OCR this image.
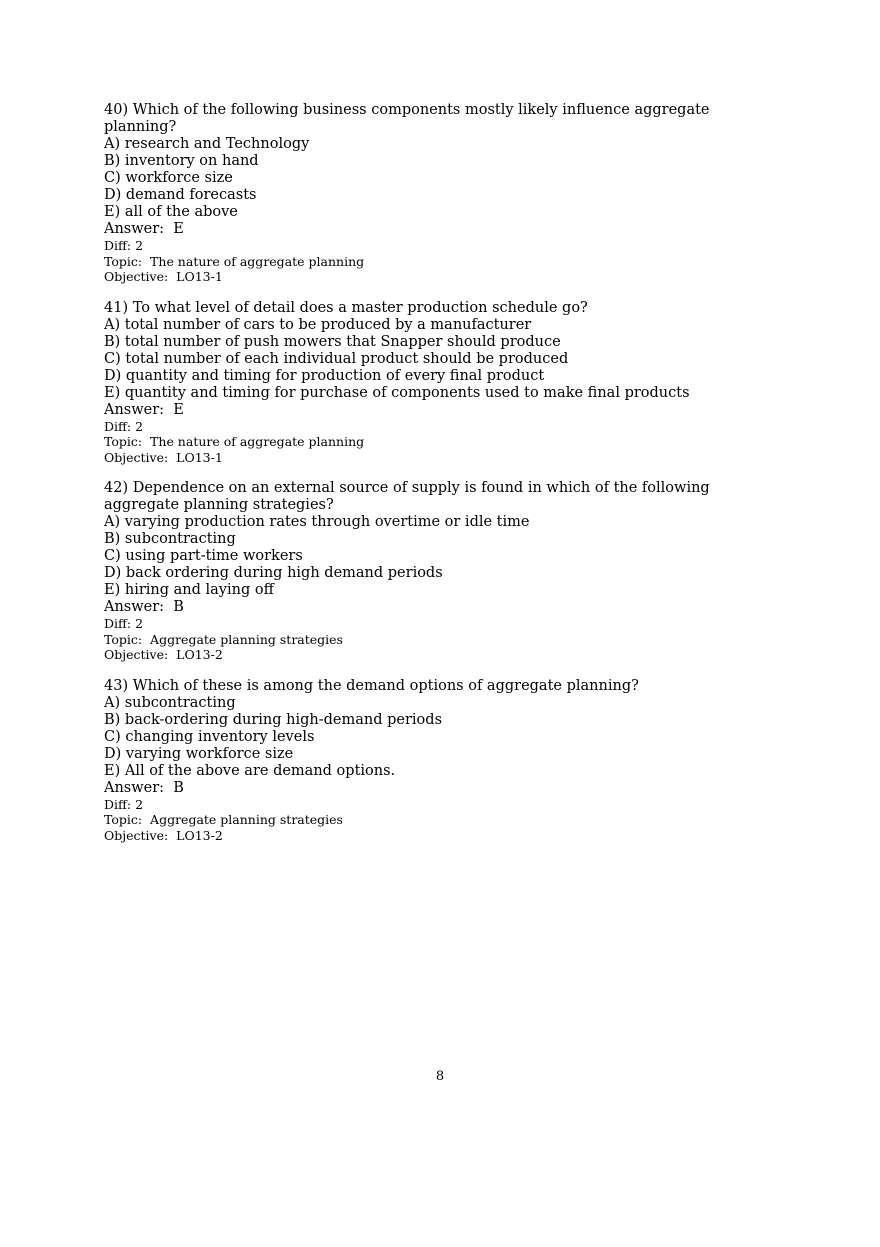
40) Which of the following business components mostly likely influence aggregate planning?
A) research and Technology
B) inventory on hand
C) workforce size
D) demand forecasts
E) all of the above
Answer:  E
Diff: 2
Topic:  The nature of aggregate planning
Objective:  LO13-1
41) To what level of detail does a master production schedule go?
A) total number of cars to be produced by a manufacturer
B) total number of push mowers that Snapper should produce
C) total number of each individual product should be produced
D) quantity and timing for production of every final product
E) quantity and timing for purchase of components used to make final products
Answer:  E
Diff: 2
Topic:  The nature of aggregate planning
Objective:  LO13-1
42) Dependence on an external source of supply is found in which of the following aggregate planning strategies?
A) varying production rates through overtime or idle time
B) subcontracting
C) using part-time workers
D) back ordering during high demand periods
E) hiring and laying off
Answer:  B
Diff: 2
Topic:  Aggregate planning strategies
Objective:  LO13-2
43) Which of these is among the demand options of aggregate planning?
A) subcontracting
B) back-ordering during high-demand periods
C) changing inventory levels
D) varying workforce size
E) All of the above are demand options.
Answer:  B
Diff: 2
Topic:  Aggregate planning strategies
Objective:  LO13-2
8
